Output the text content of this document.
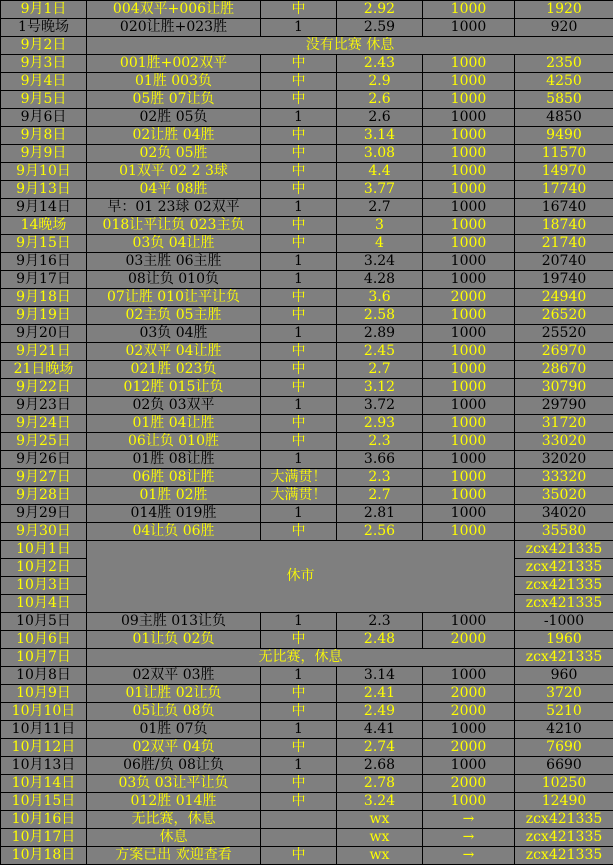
9月1日	004双平+006让胜	中	2.92	1000	1920
1号晚场	020让胜+023胜	1	2.59	1000	920
9月2日	没有比赛 休息				
9月3日	001胜+002双平	中	2.43	1000	2350
9月4日	01胜 003负	中	2.9	1000	4250
9月5日	05胜 07让负	中	2.6	1000	5850
9月6日	02胜 05负	1	2.6	1000	4850
9月8日	02让胜 04胜	中	3.14	1000	9490
9月9日	02负 05胜	中	3.08	1000	11570
9月10日	01双平 02 2 3球	中	4.4	1000	14970
9月13日	04平 08胜	中	3.77	1000	17740
9月14日	早：01 23球 02双平	1	2.7	1000	16740
14晚场	018让平让负 023主负	中	3	1000	18740
9月15日	03负 04让胜	中	4	1000	21740
9月16日	03主胜 06主胜	1	3.24	1000	20740
9月17日	08让负 010负	1	4.28	1000	19740
9月18日	07让胜 010让平让负	中	3.6	2000	24940
9月19日	02主负 05主胜	中	2.58	1000	26520
9月20日	03负 04胜	1	2.89	1000	25520
9月21日	02双平 04让胜	中	2.45	1000	26970
21日晚场	021胜 023负	中	2.7	1000	28670
9月22日	012胜 015让负	中	3.12	1000	30790
9月23日	02负 03双平	1	3.72	1000	29790
9月24日	01胜 04让胜	中	2.93	1000	31720
9月25日	06让负 010胜	中	2.3	1000	33020
9月26日	01胜 08让胜	1	3.66	1000	32020
9月27日	06胜 08让胜	大满贯！	2.3	1000	33320
9月28日	01胜 02胜	大满贯！	2.7	1000	35020
9月29日	014胜 019胜	1	2.81	1000	34020
9月30日	04让负 06胜	中	2.56	1000	35580
10月1日	休市				zcx421335
10月2日					zcx421335
10月3日					zcx421335
10月4日					zcx421335
10月5日	09主胜 013让负	1	2.3	1000	-1000
10月6日	01让负 02负	中	2.48	2000	1960
10月7日	无比赛，休息				zcx421335
10月8日	02双平 03胜	1	3.14	1000	960
10月9日	01让胜 02让负	中	2.41	2000	3720
10月10日	05让负 08负	中	2.49	2000	5210
10月11日	01胜 07负	1	4.41	1000	4210
10月12日	02双平 04负	中	2.74	2000	7690
10月13日	06胜/负 08让负	1	2.68	1000	6690
10月14日	03负 03让平让负	中	2.78	2000	10250
10月15日	012胜 014胜	中	3.24	1000	12490
10月16日	无比赛，休息		wx	→	zcx421335
10月17日	休息		wx	→	zcx421335
10月18日	方案已出 欢迎查看	中	wx	→	zcx421335
